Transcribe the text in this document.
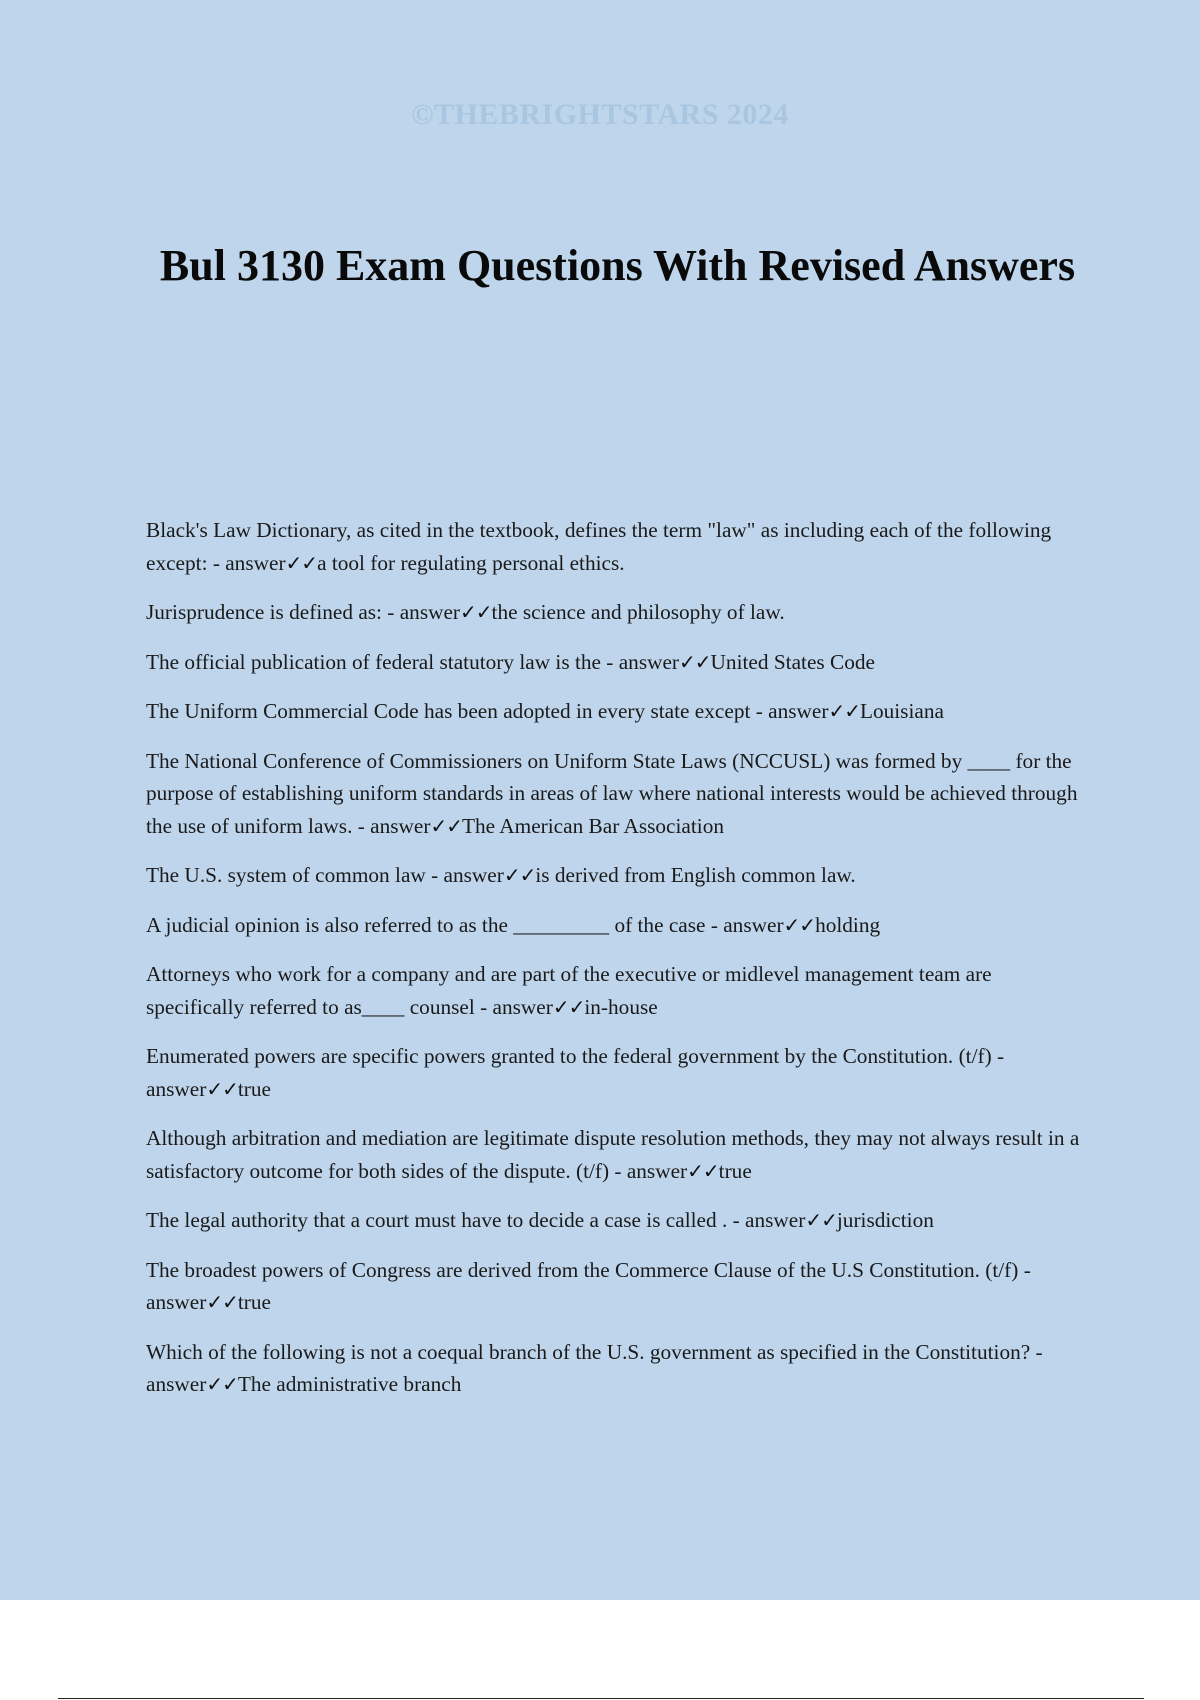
©THEBRIGHTSTARS 2024
Bul 3130 Exam Questions With Revised Answers
Black's Law Dictionary, as cited in the textbook, defines the term "law" as including each of the following except: - answer✓✓a tool for regulating personal ethics.
Jurisprudence is defined as: - answer✓✓the science and philosophy of law.
The official publication of federal statutory law is the - answer✓✓United States Code
The Uniform Commercial Code has been adopted in every state except - answer✓✓Louisiana
The National Conference of Commissioners on Uniform State Laws (NCCUSL) was formed by ____ for the purpose of establishing uniform standards in areas of law where national interests would be achieved through the use of uniform laws. - answer✓✓The American Bar Association
The U.S. system of common law - answer✓✓is derived from English common law.
A judicial opinion is also referred to as the _________ of the case - answer✓✓holding
Attorneys who work for a company and are part of the executive or midlevel management team are specifically referred to as____ counsel - answer✓✓in-house
Enumerated powers are specific powers granted to the federal government by the Constitution. (t/f) - answer✓✓true
Although arbitration and mediation are legitimate dispute resolution methods, they may not always result in a satisfactory outcome for both sides of the dispute. (t/f) - answer✓✓true
The legal authority that a court must have to decide a case is called . - answer✓✓jurisdiction
The broadest powers of Congress are derived from the Commerce Clause of the U.S Constitution. (t/f) - answer✓✓true
Which of the following is not a coequal branch of the U.S. government as specified in the Constitution? - answer✓✓The administrative branch
